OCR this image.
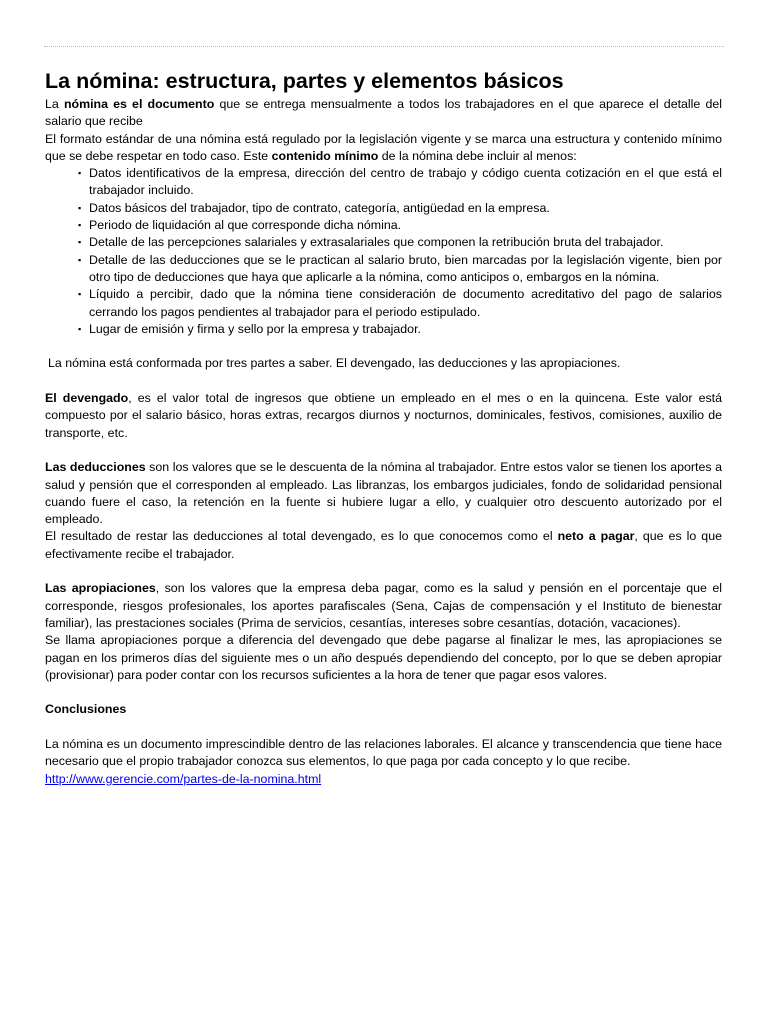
La nómina: estructura, partes y elementos básicos

La nómina es el documento que se entrega mensualmente a todos los trabajadores en el que aparece el detalle del salario que recibe

El formato estándar de una nómina está regulado por la legislación vigente y se marca una estructura y contenido mínimo que se debe respetar en todo caso. Este contenido mínimo de la nómina debe incluir al menos:

▪ Datos identificativos de la empresa, dirección del centro de trabajo y código cuenta cotización en el que está el trabajador incluido.
▪ Datos básicos del trabajador, tipo de contrato, categoría, antigüedad en la empresa.
▪ Periodo de liquidación al que corresponde dicha nómina.
▪ Detalle de las percepciones salariales y extrasalariales que componen la retribución bruta del trabajador.
▪ Detalle de las deducciones que se le practican al salario bruto, bien marcadas por la legislación vigente, bien por otro tipo de deducciones que haya que aplicarle a la nómina, como anticipos o, embargos en la nómina.
▪ Líquido a percibir, dado que la nómina tiene consideración de documento acreditativo del pago de salarios cerrando los pagos pendientes al trabajador para el periodo estipulado.
▪ Lugar de emisión y firma y sello por la empresa y trabajador.

La nómina está conformada por tres partes a saber. El devengado, las deducciones y las apropiaciones.

El devengado, es el valor total de ingresos que obtiene un empleado en el mes o en la quincena. Este valor está compuesto por el salario básico, horas extras, recargos diurnos y nocturnos, dominicales, festivos, comisiones, auxilio de transporte, etc.

Las deducciones son los valores que se le descuenta de la nómina al trabajador. Entre estos valor se tienen los aportes a salud y pensión que el corresponden al empleado. Las libranzas, los embargos judiciales, fondo de solidaridad pensional cuando fuere el caso, la retención en la fuente si hubiere lugar a ello, y cualquier otro descuento autorizado por el empleado.

El resultado de restar las deducciones al total devengado, es lo que conocemos como el neto a pagar, que es lo que efectivamente recibe el trabajador.

Las apropiaciones, son los valores que la empresa deba pagar, como es la salud y pensión en el porcentaje que el corresponde, riesgos profesionales, los aportes parafiscales (Sena, Cajas de compensación y el Instituto de bienestar familiar), las prestaciones sociales (Prima de servicios, cesantías, intereses sobre cesantías, dotación, vacaciones).

Se llama apropiaciones porque a diferencia del devengado que debe pagarse al finalizar le mes, las apropiaciones se pagan en los primeros días del siguiente mes o un año después dependiendo del concepto, por lo que se deben apropiar (provisionar) para poder contar con los recursos suficientes a la hora de tener que pagar esos valores.

Conclusiones

La nómina es un documento imprescindible dentro de las relaciones laborales. El alcance y transcendencia que tiene hace necesario que el propio trabajador conozca sus elementos, lo que paga por cada concepto y lo que recibe.

http://www.gerencie.com/partes-de-la-nomina.html
